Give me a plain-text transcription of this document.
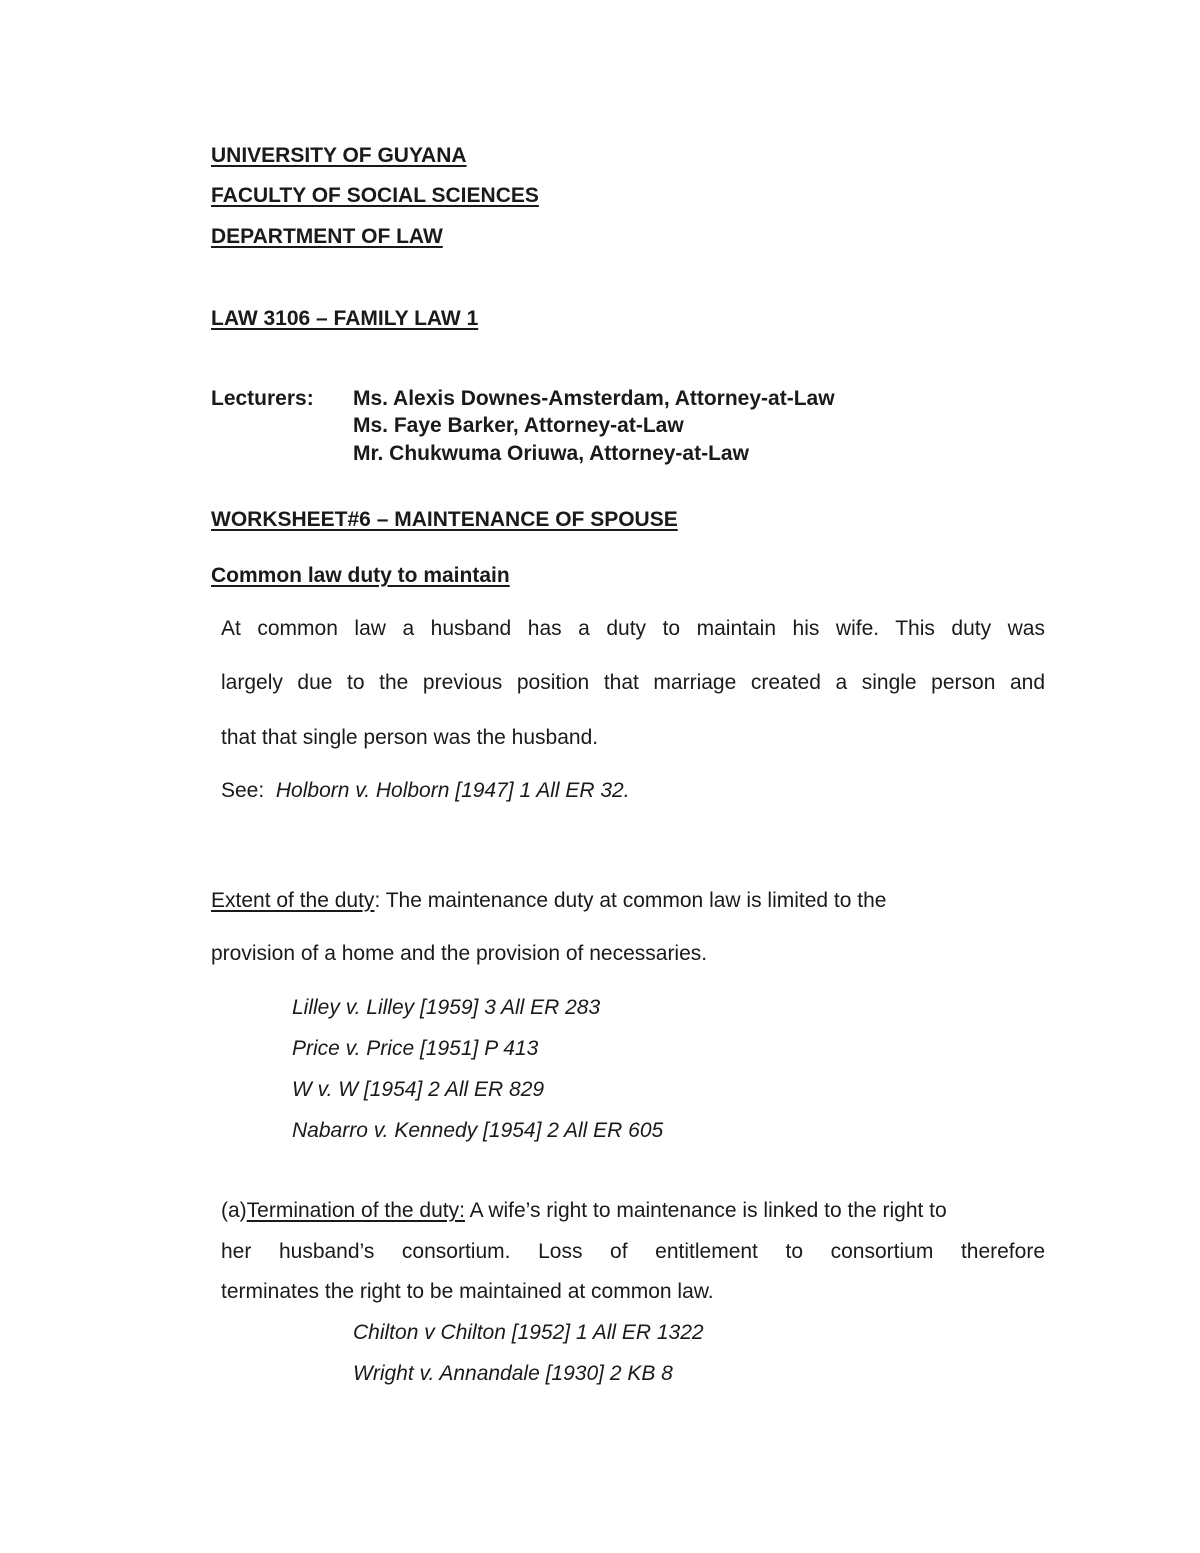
UNIVERSITY OF GUYANA
FACULTY OF SOCIAL SCIENCES
DEPARTMENT OF LAW
LAW 3106 – FAMILY LAW 1
Lecturers: Ms. Alexis Downes-Amsterdam, Attorney-at-Law
Ms. Faye Barker, Attorney-at-Law
Mr. Chukwuma Oriuwa, Attorney-at-Law
WORKSHEET#6 – MAINTENANCE OF SPOUSE
Common law duty to maintain
At common law a husband has a duty to maintain his wife. This duty was
largely due to the previous position that marriage created a single person and
that that single person was the husband.
See: Holborn v. Holborn [1947] 1 All ER 32.
Extent of the duty: The maintenance duty at common law is limited to the
provision of a home and the provision of necessaries.
Lilley v. Lilley [1959] 3 All ER 283
Price v. Price [1951] P 413
W v. W [1954] 2 All ER 829
Nabarro v. Kennedy [1954] 2 All ER 605
(a)Termination of the duty: A wife’s right to maintenance is linked to the right to
her husband’s consortium. Loss of entitlement to consortium therefore
terminates the right to be maintained at common law.
Chilton v Chilton [1952] 1 All ER 1322
Wright v. Annandale [1930] 2 KB 8
